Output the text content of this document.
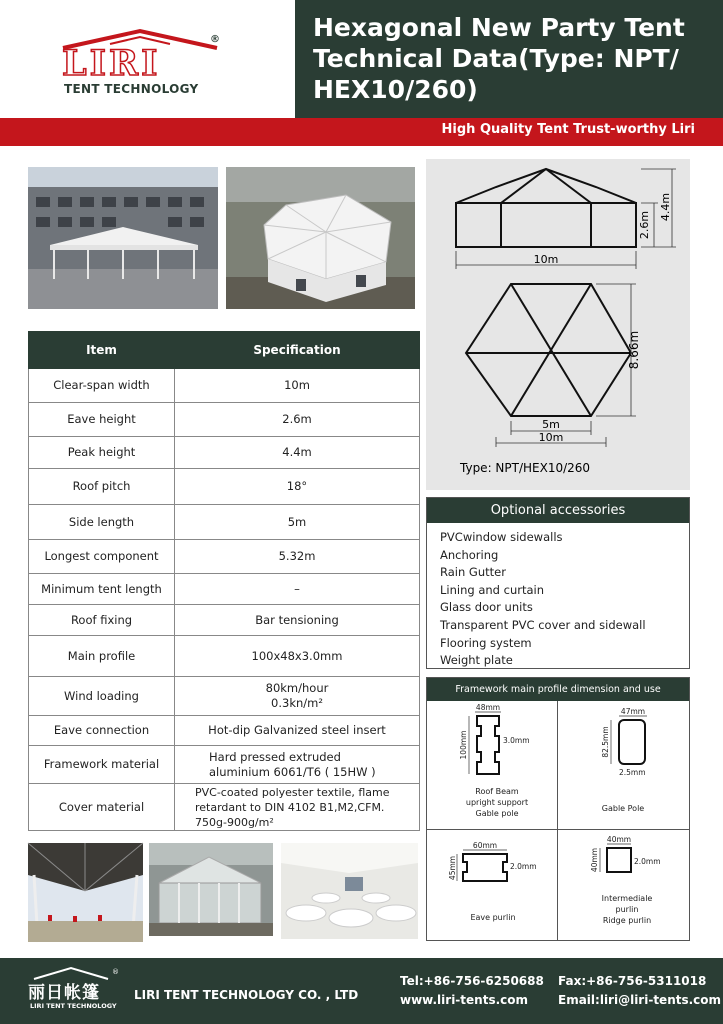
®
LIRI
TENT TECHNOLOGY
Hexagonal New Party Tent Technical Data(Type: NPT/ HEX10/260)
High Quality Tent Trust-worthy Liri
2.6m
4.4m
10m
8.66m
5m
10m
Type: NPT/HEX10/260
Item	Specification
Clear-span width	10m
Eave height	2.6m
Peak height	4.4m
Roof pitch	18°
Side length	5m
Longest component	5.32m
Minimum tent length	–
Roof fixing	Bar tensioning
Main profile	100x48x3.0mm
Wind loading	80km/hour
0.3kn/m²

Eave connection	Hot-dip Galvanized steel insert
Framework material	Hard pressed extruded
aluminium 6061/T6 ( 15HW )

Cover material	PVC-coated polyester textile, flame
retardant to DIN 4102 B1,M2,CFM.
750g-900g/m²
Optional accessories
PVCwindow sidewalls
Anchoring
Rain Gutter
Lining and curtain
Glass door units
Transparent PVC cover and sidewall
Flooring system
Weight plate
Framework main profile dimension and use
48mm
100mm	3.0mm
Roof Beam
upright support
Gable pole
47mm
82.5mm
2.5mm
Gable Pole
60mm
45mm	2.0mm
Eave purlin
40mm
40mm	2.0mm
Intermediale
purlin
Ridge purlin
丽日帐篷
LIRI TENT TECHNOLOGY
®
LIRI TENT TECHNOLOGY CO. , LTD
Tel:+86-756-6250688 Fax:+86-756-5311018
www.liri-tents.com Email:liri@liri-tents.com
